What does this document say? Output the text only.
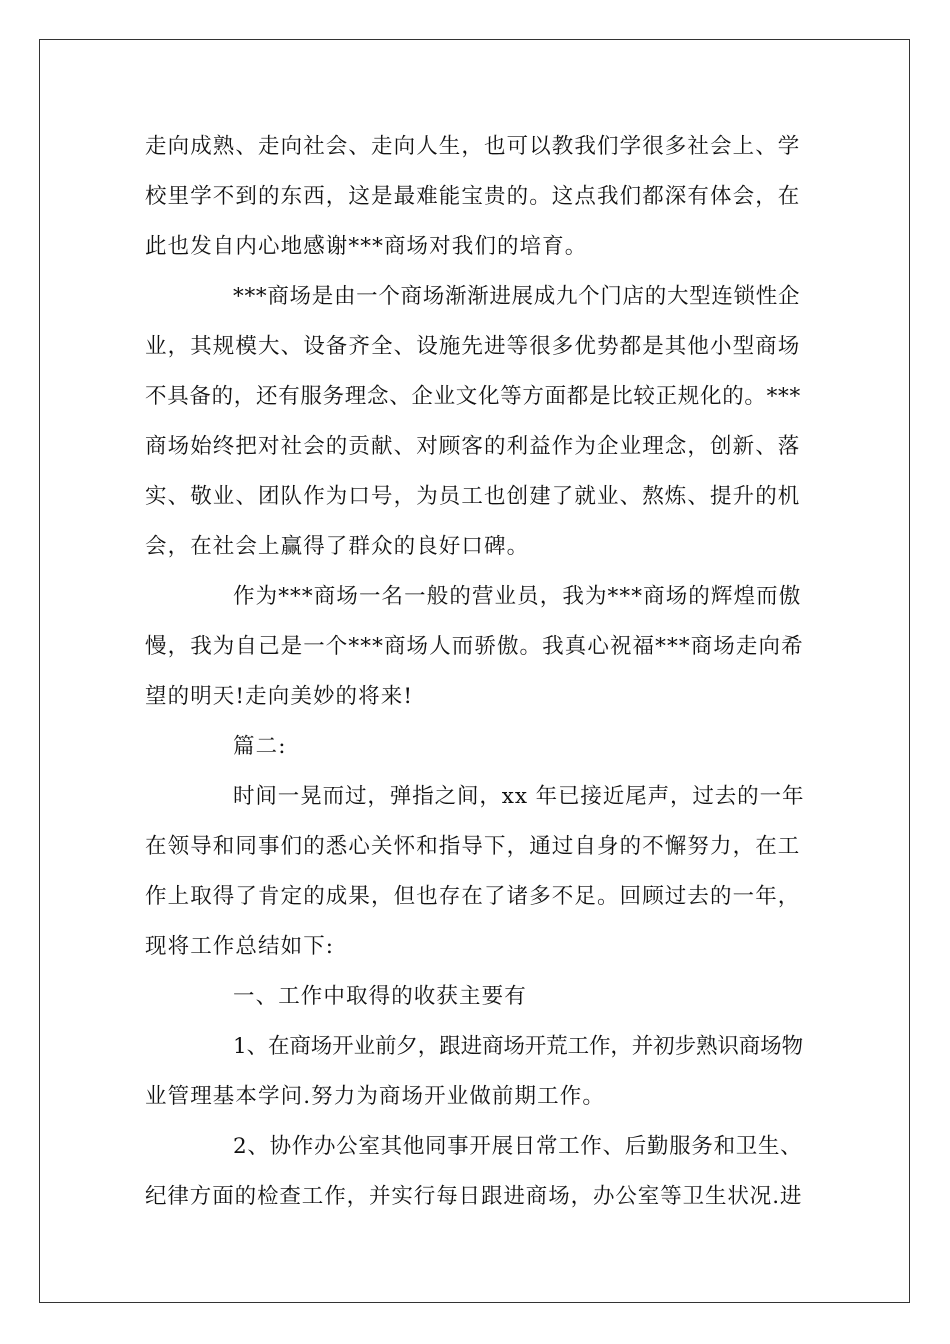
走向成熟、走向社会、走向人生，也可以教我们学很多社会上、学
校里学不到的东西，这是最难能宝贵的。这点我们都深有体会，在
此也发自内心地感谢***商场对我们的培育。
***商场是由一个商场渐渐进展成九个门店的大型连锁性企
业，其规模大、设备齐全、设施先进等很多优势都是其他小型商场
不具备的，还有服务理念、企业文化等方面都是比较正规化的。***
商场始终把对社会的贡献、对顾客的利益作为企业理念，创新、落
实、敬业、团队作为口号，为员工也创建了就业、熬炼、提升的机
会，在社会上赢得了群众的良好口碑。
作为***商场一名一般的营业员，我为***商场的辉煌而傲
慢，我为自己是一个***商场人而骄傲。我真心祝福***商场走向希
望的明天!走向美妙的将来!
篇二:
时间一晃而过，弹指之间，xx 年已接近尾声，过去的一年
在领导和同事们的悉心关怀和指导下，通过自身的不懈努力，在工
作上取得了肯定的成果，但也存在了诸多不足。回顾过去的一年，
现将工作总结如下:
一、工作中取得的收获主要有
1、在商场开业前夕，跟进商场开荒工作，并初步熟识商场物
业管理基本学问.努力为商场开业做前期工作。
2、协作办公室其他同事开展日常工作、后勤服务和卫生、
纪律方面的检查工作，并实行每日跟进商场，办公室等卫生状况.进
